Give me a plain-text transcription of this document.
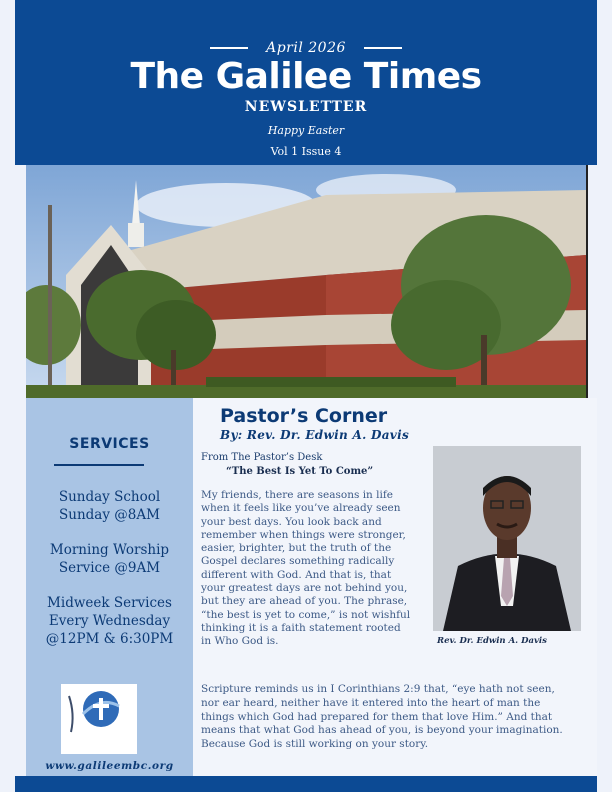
April 2026
The Galilee Times
NEWSLETTER
Happy Easter
Vol 1 Issue 4
SERVICES
Sunday School
Sunday @8AM
Morning Worship
Service @9AM
Midweek Services
Every Wednesday
@12PM & 6:30PM
www.galileembc.org
Pastor’s Corner
By: Rev. Dr. Edwin A. Davis
From The Pastor’s Desk
“The Best Is Yet To Come”
My friends, there are seasons in life when it feels like you’ve already seen your best days. You look back and remember when things were stronger, easier, brighter, but the truth of the Gospel declares something radically different with God. And that is, that your greatest days are not behind you, but they are ahead of you. The phrase, “the best is yet to come,” is not wishful thinking it is a faith statement rooted in Who God is.	Rev. Dr. Edwin A. Davis
Scripture reminds us in I Corinthians 2:9 that, “eye hath not seen, nor ear heard, neither have it entered into the heart of man the things which God had prepared for them that love Him.” And that means that what God has ahead of you, is beyond your imagination. Because God is still working on your story.
